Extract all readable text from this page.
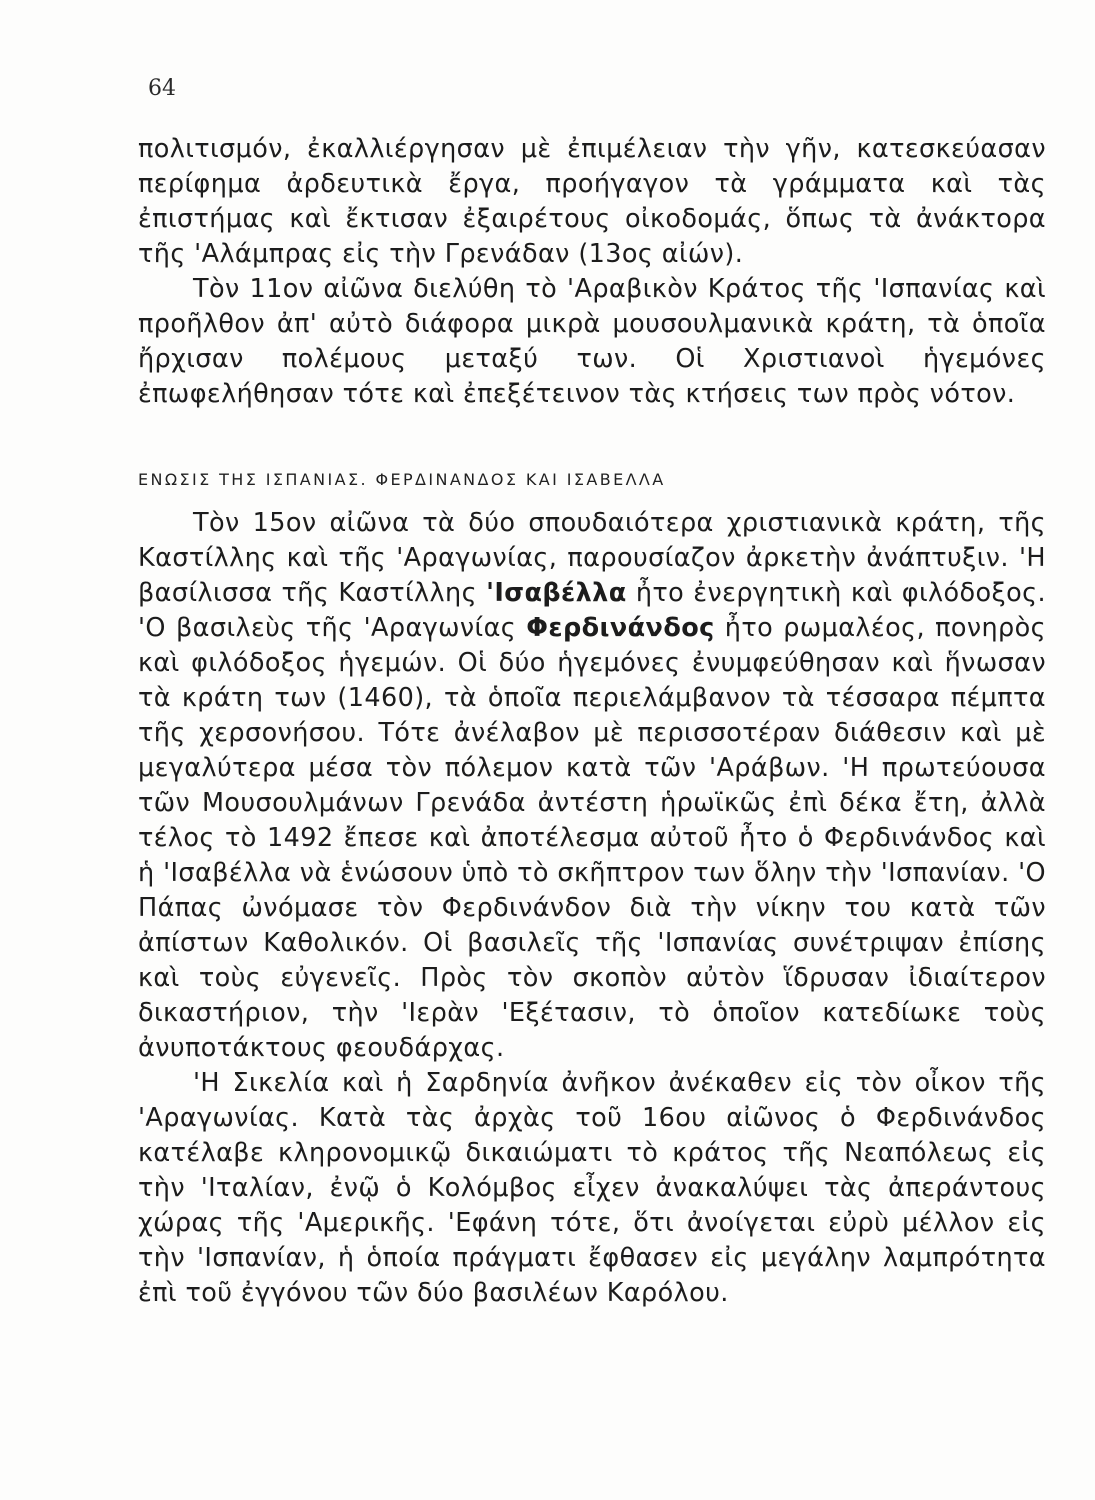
64

πολιτισμόν, ἐκαλλιέργησαν μὲ ἐπιμέλειαν τὴν γῆν, κατεσκεύασαν περίφημα ἀρδευτικὰ ἔργα, προήγαγον τὰ γράμματα καὶ τὰς ἐπιστήμας καὶ ἔκτισαν ἐξαιρέτους οἰκοδομάς, ὅπως τὰ ἀνάκτορα τῆς 'Αλάμπρας εἰς τὴν Γρενάδαν (13ος αἰών).

Τὸν 11ον αἰῶνα διελύθη τὸ 'Αραβικὸν Κράτος τῆς 'Ισπανίας καὶ προῆλθον ἀπ' αὐτὸ διάφορα μικρὰ μουσουλμανικὰ κράτη, τὰ ὁποῖα ἤρχισαν πολέμους μεταξύ των. Οἱ Χριστιανοὶ ἡγεμόνες ἐπωφελήθησαν τότε καὶ ἐπεξέτεινον τὰς κτήσεις των πρὸς νότον.

ΕΝΩΣΙΣ ΤΗΣ ΙΣΠΑΝΙΑΣ. ΦΕΡΔΙΝΑΝΔΟΣ ΚΑΙ ΙΣΑΒΕΛΛΑ

Τὸν 15ον αἰῶνα τὰ δύο σπουδαιότερα χριστιανικὰ κράτη, τῆς Καστίλλης καὶ τῆς 'Αραγωνίας, παρουσίαζον ἀρκετὴν ἀνάπτυξιν. 'Η βασίλισσα τῆς Καστίλλης 'Ισαβέλλα ἦτο ἐνεργητικὴ καὶ φιλόδοξος. 'Ο βασιλεὺς τῆς 'Αραγωνίας Φερδινάνδος ἦτο ρωμαλέος, πονηρὸς καὶ φιλόδοξος ἡγεμών. Οἱ δύο ἡγεμόνες ἐνυμφεύθησαν καὶ ἥνωσαν τὰ κράτη των (1460), τὰ ὁποῖα περιελάμβανον τὰ τέσσαρα πέμπτα τῆς χερσονήσου. Τότε ἀνέλαβον μὲ περισσοτέραν διάθεσιν καὶ μὲ μεγαλύτερα μέσα τὸν πόλεμον κατὰ τῶν 'Αράβων. 'Η πρωτεύουσα τῶν Μουσουλμάνων Γρενάδα ἀντέστη ἡρωϊκῶς ἐπὶ δέκα ἔτη, ἀλλὰ τέλος τὸ 1492 ἔπεσε καὶ ἀποτέλεσμα αὐτοῦ ἦτο ὁ Φερδινάνδος καὶ ἡ 'Ισαβέλλα νὰ ἑνώσουν ὑπὸ τὸ σκῆπτρον των ὅλην τὴν 'Ισπανίαν. 'Ο Πάπας ὠνόμασε τὸν Φερδινάνδον διὰ τὴν νίκην του κατὰ τῶν ἀπίστων Καθολικόν. Οἱ βασιλεῖς τῆς 'Ισπανίας συνέτριψαν ἐπίσης καὶ τοὺς εὐγενεῖς. Πρὸς τὸν σκοπὸν αὐτὸν ἵδρυσαν ἰδιαίτερον δικαστήριον, τὴν 'Ιερὰν 'Εξέτασιν, τὸ ὁποῖον κατεδίωκε τοὺς ἀνυποτάκτους φεουδάρχας.

'Η Σικελία καὶ ἡ Σαρδηνία ἀνῆκον ἀνέκαθεν εἰς τὸν οἶκον τῆς 'Αραγωνίας. Κατὰ τὰς ἀρχὰς τοῦ 16ου αἰῶνος ὁ Φερδινάνδος κατέλαβε κληρονομικῷ δικαιώματι τὸ κράτος τῆς Νεαπόλεως εἰς τὴν 'Ιταλίαν, ἐνῷ ὁ Κολόμβος εἶχεν ἀνακαλύψει τὰς ἀπεράντους χώρας τῆς 'Αμερικῆς. 'Εφάνη τότε, ὅτι ἀνοίγεται εὐρὺ μέλλον εἰς τὴν 'Ισπανίαν, ἡ ὁποία πράγματι ἔφθασεν εἰς μεγάλην λαμπρότητα ἐπὶ τοῦ ἐγγόνου τῶν δύο βασιλέων Καρόλου.
